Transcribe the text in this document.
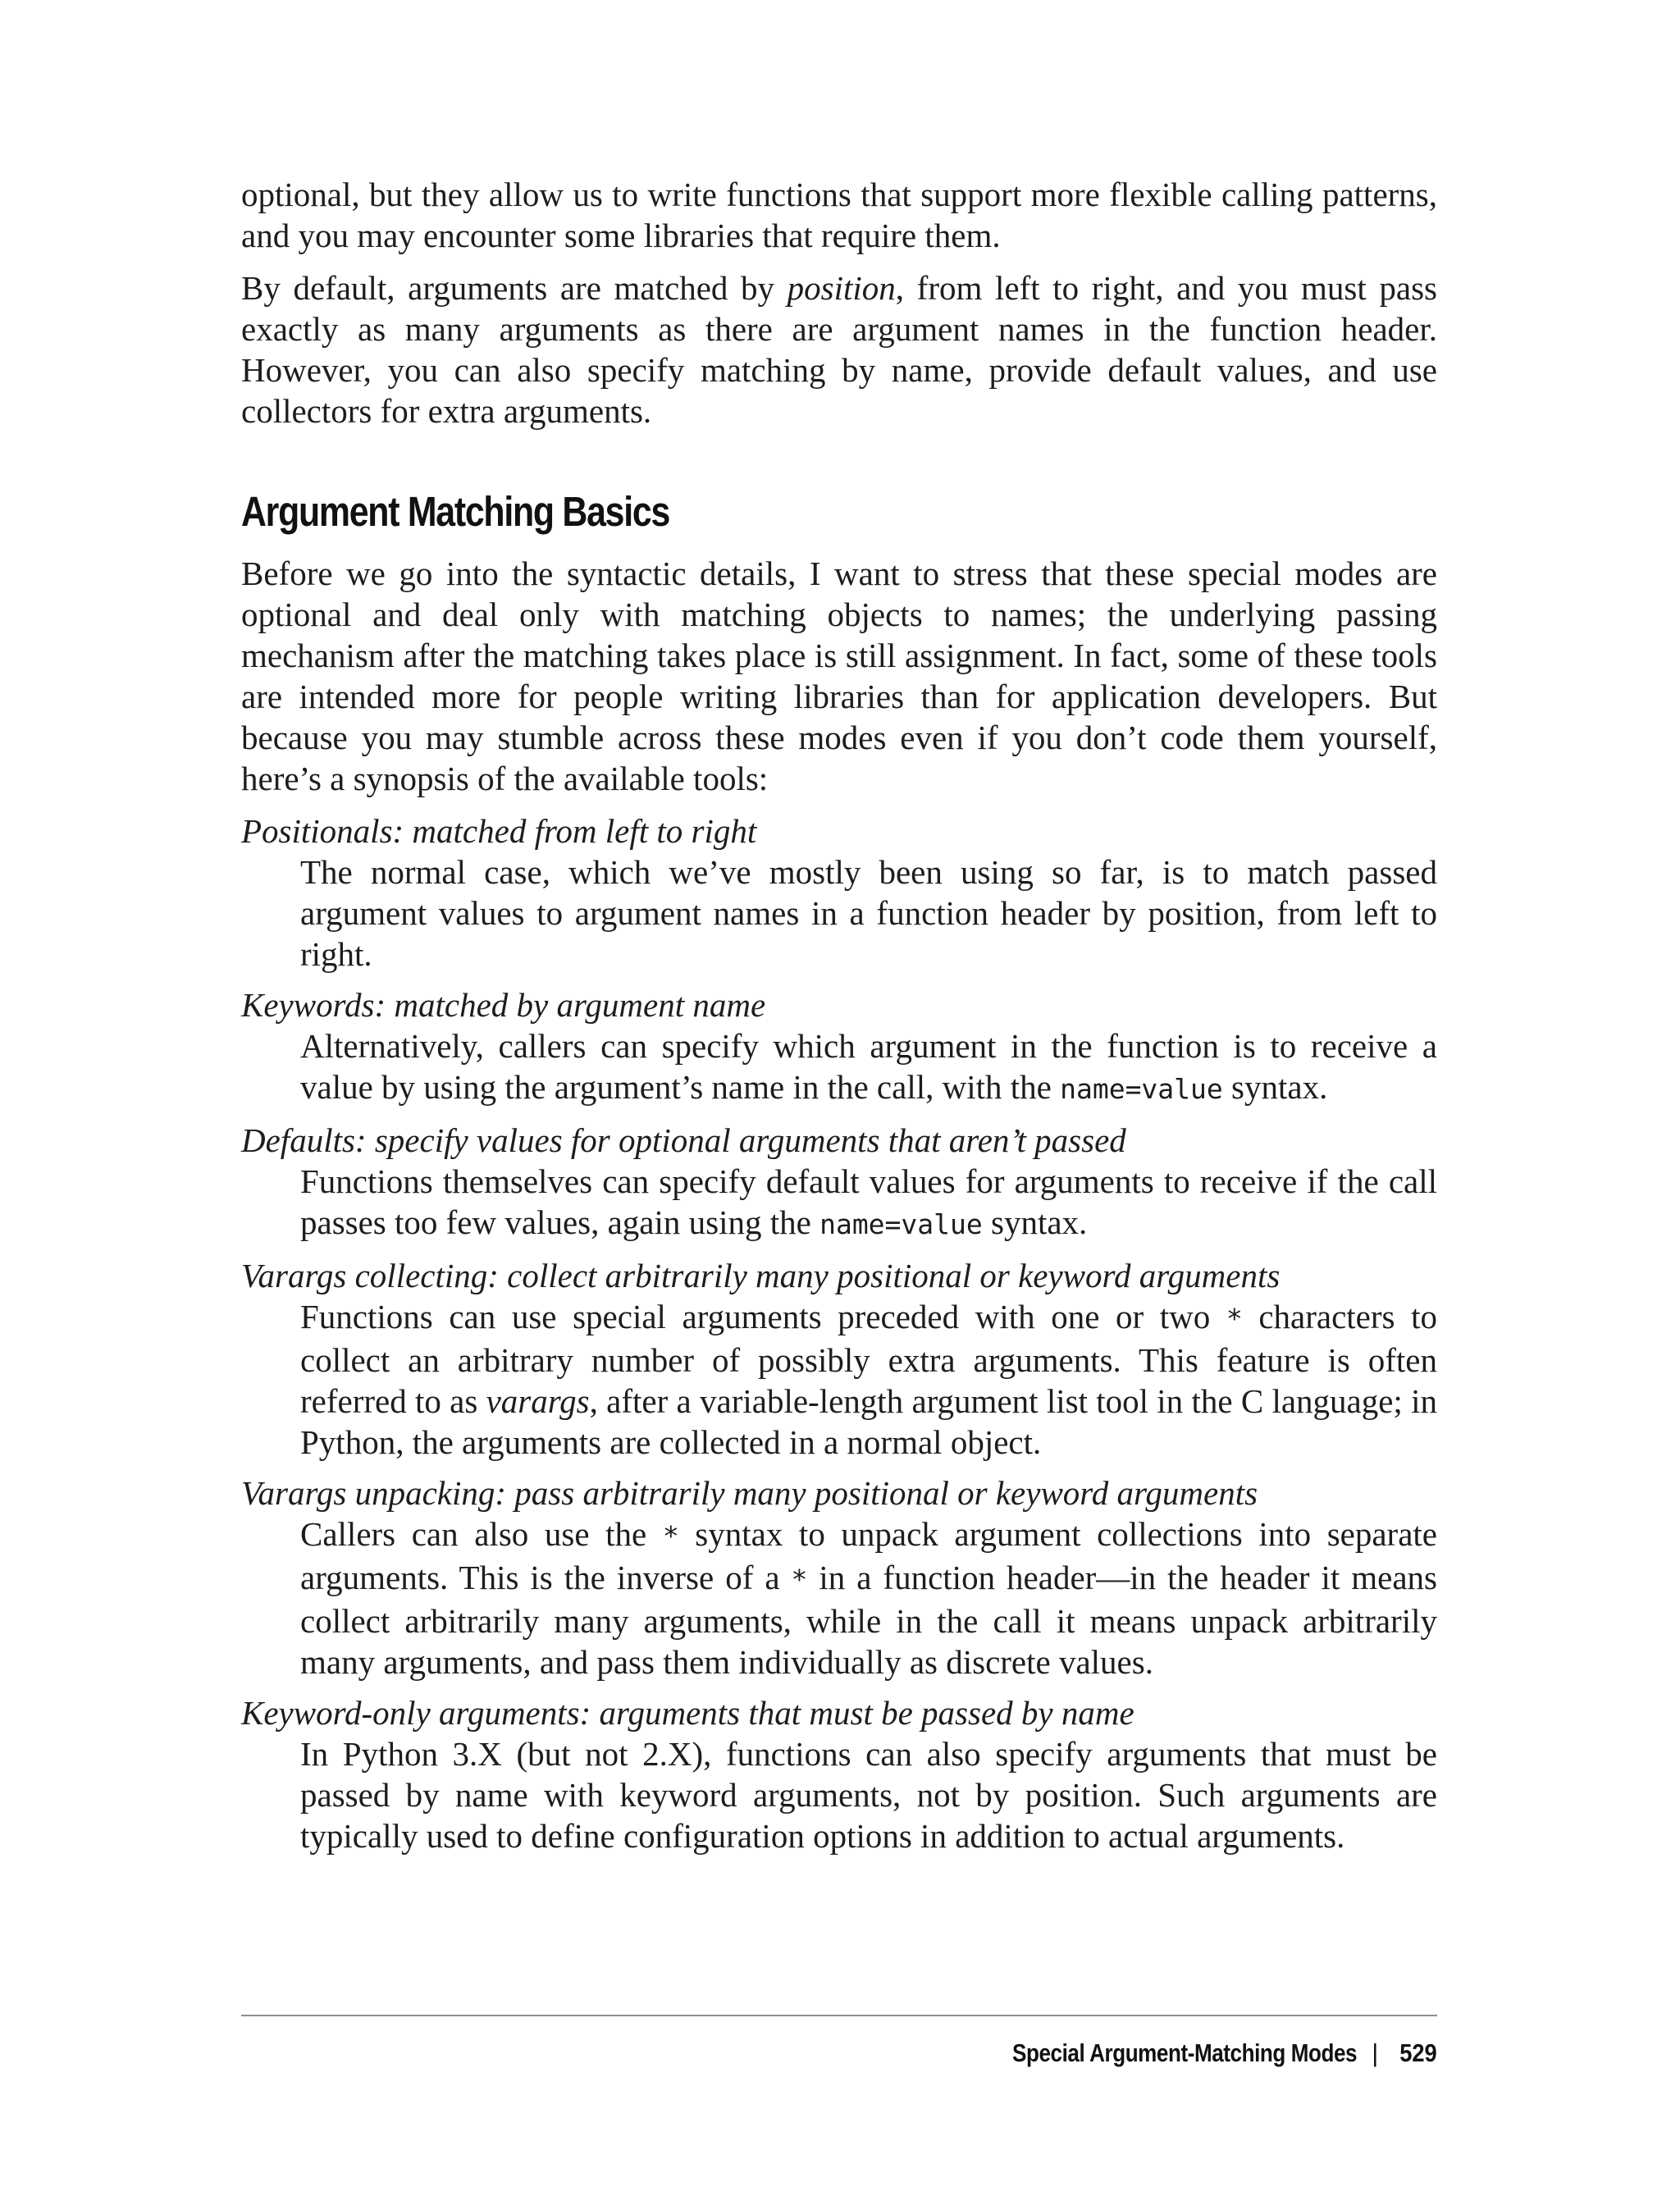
optional, but they allow us to write functions that support more flexible calling patterns, and you may encounter some libraries that require them.

By default, arguments are matched by position, from left to right, and you must pass exactly as many arguments as there are argument names in the function header. However, you can also specify matching by name, provide default values, and use collectors for extra arguments.

Argument Matching Basics

Before we go into the syntactic details, I want to stress that these special modes are optional and deal only with matching objects to names; the underlying passing mechanism after the matching takes place is still assignment. In fact, some of these tools are intended more for people writing libraries than for application developers. But because you may stumble across these modes even if you don’t code them yourself, here’s a synopsis of the available tools:

Positionals: matched from left to right
The normal case, which we’ve mostly been using so far, is to match passed argument values to argument names in a function header by position, from left to right.
Keywords: matched by argument name
Alternatively, callers can specify which argument in the function is to receive a value by using the argument’s name in the call, with the name=value syntax.
Defaults: specify values for optional arguments that aren’t passed
Functions themselves can specify default values for arguments to receive if the call passes too few values, again using the name=value syntax.
Varargs collecting: collect arbitrarily many positional or keyword arguments
Functions can use special arguments preceded with one or two * characters to collect an arbitrary number of possibly extra arguments. This feature is often referred to as varargs, after a variable-length argument list tool in the C language; in Python, the arguments are collected in a normal object.
Varargs unpacking: pass arbitrarily many positional or keyword arguments
Callers can also use the * syntax to unpack argument collections into separate arguments. This is the inverse of a * in a function header—in the header it means collect arbitrarily many arguments, while in the call it means unpack arbitrarily many arguments, and pass them individually as discrete values.
Keyword-only arguments: arguments that must be passed by name
In Python 3.X (but not 2.X), functions can also specify arguments that must be passed by name with keyword arguments, not by position. Such arguments are typically used to define configuration options in addition to actual arguments.
Special Argument-Matching Modes | 529
